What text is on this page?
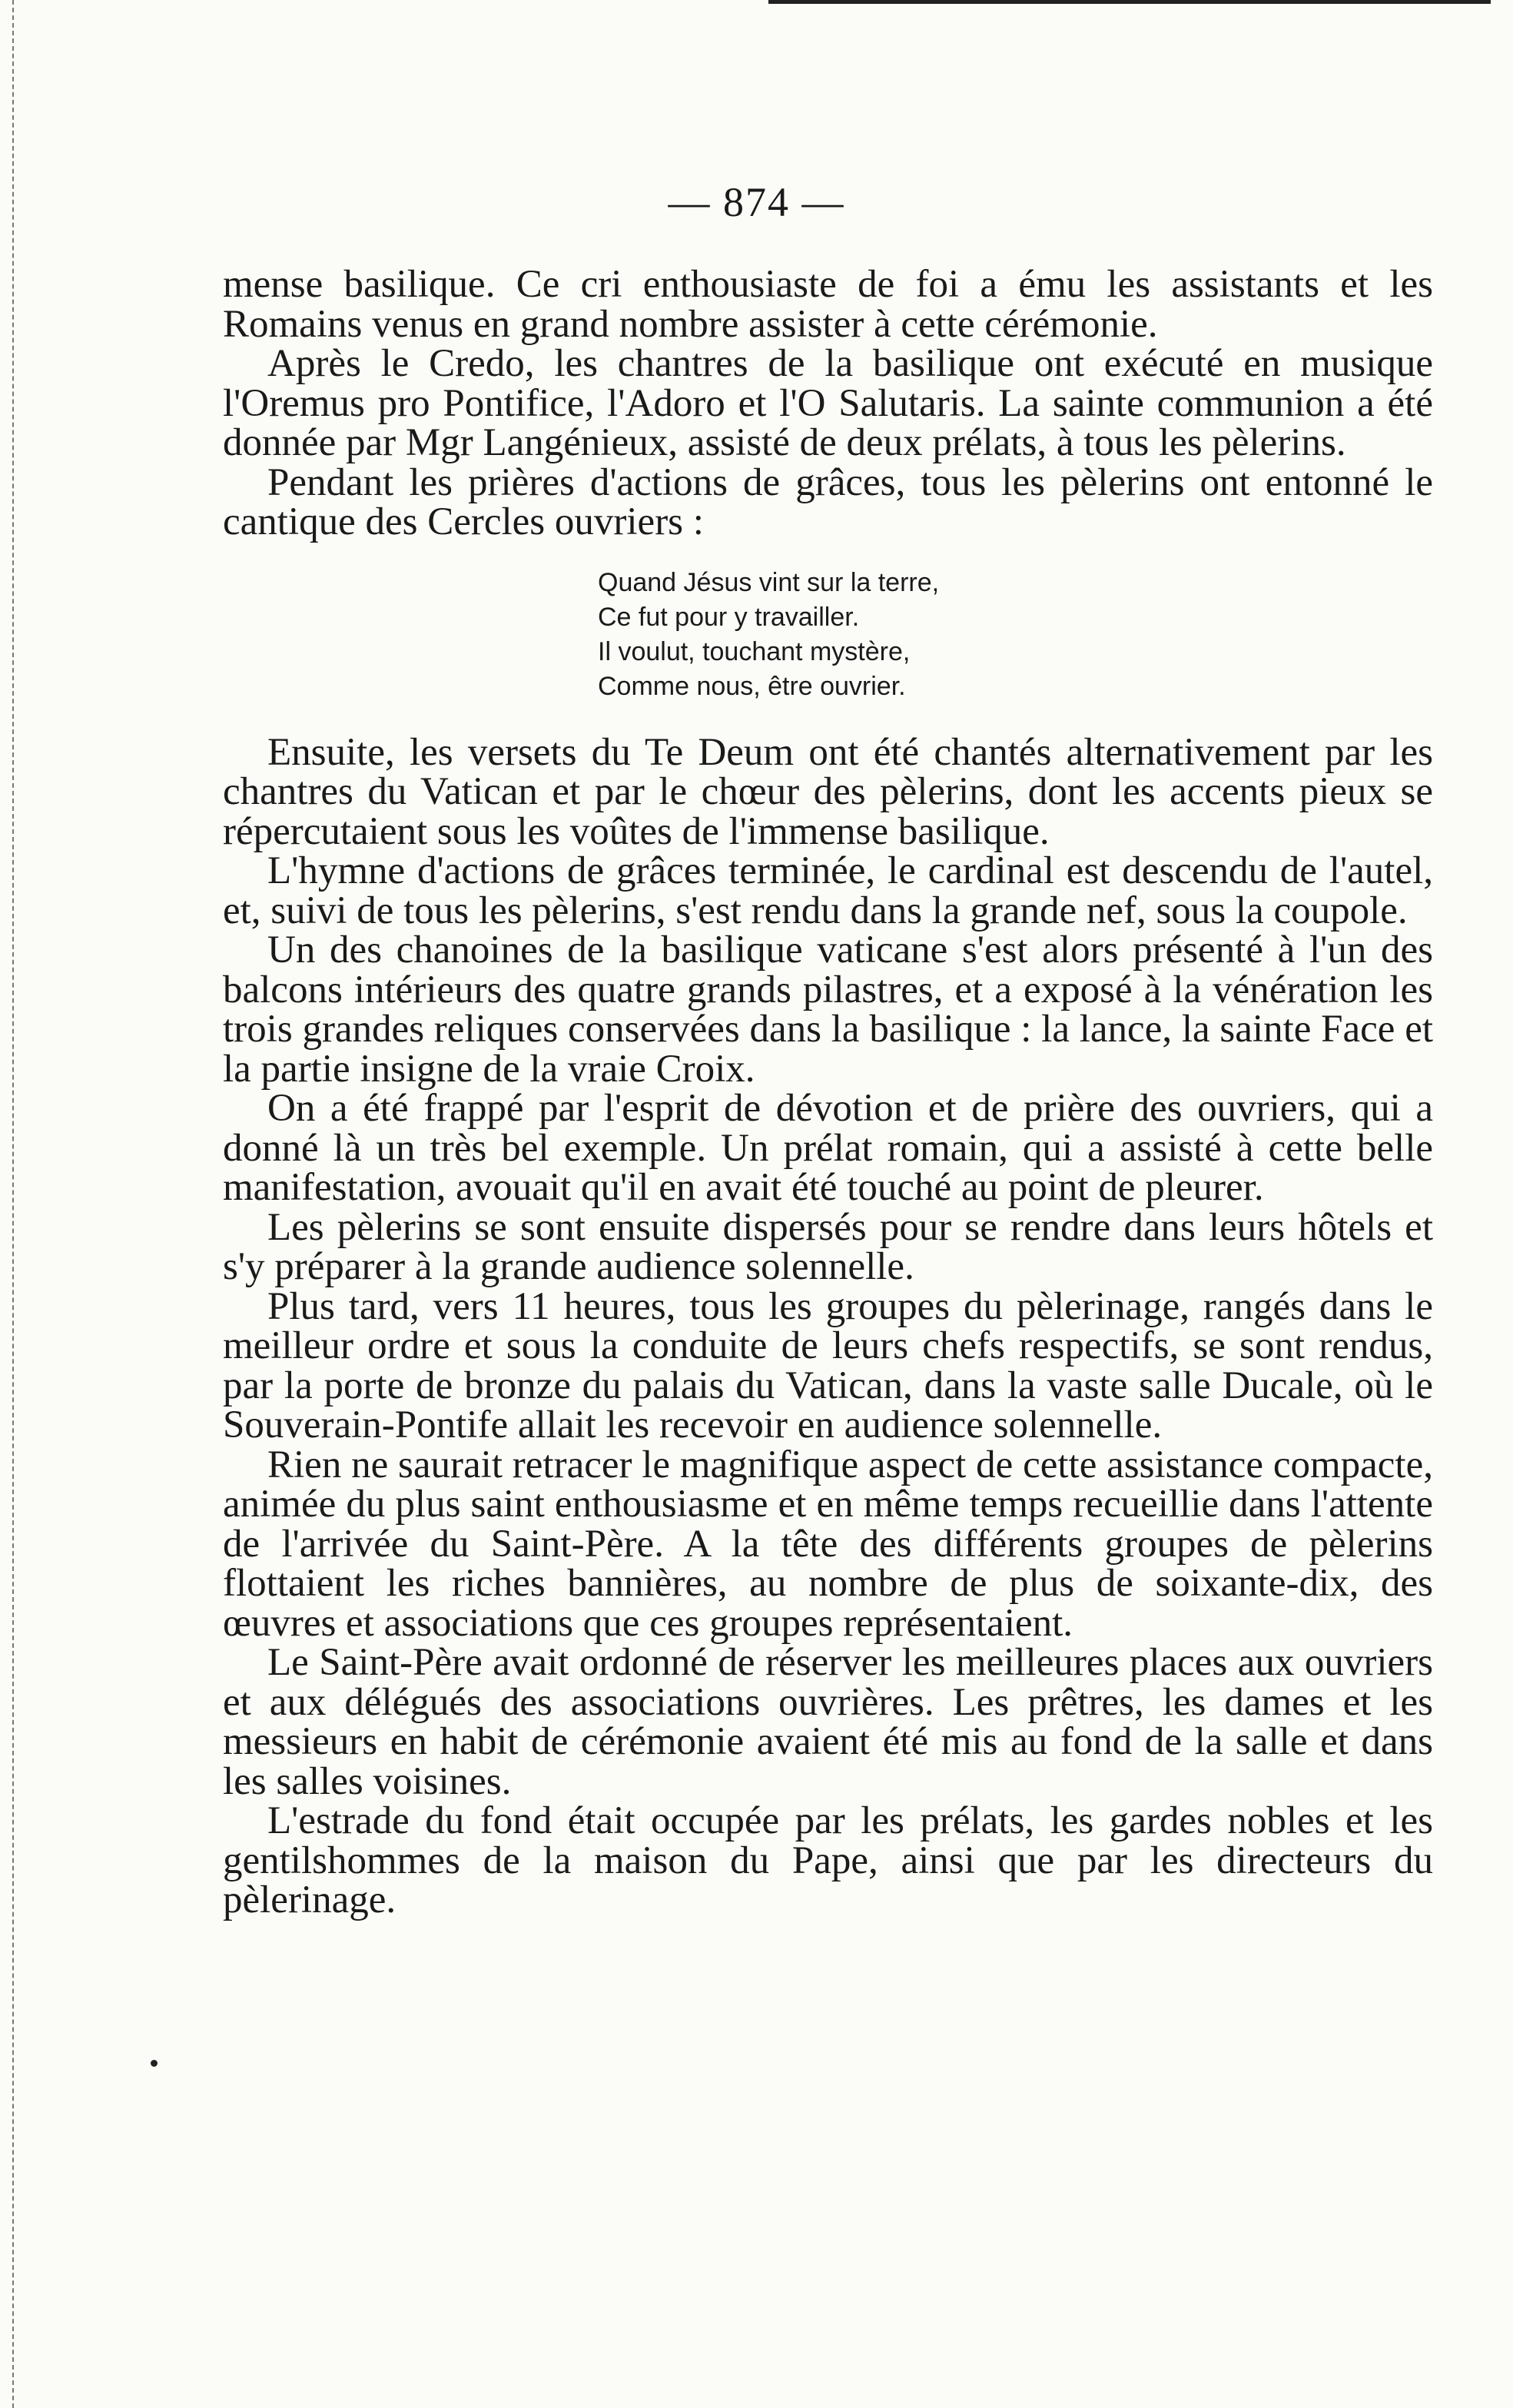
— 874 —

mense basilique. Ce cri enthousiaste de foi a ému les assistants et les Romains venus en grand nombre assister à cette cérémonie.

Après le Credo, les chantres de la basilique ont exécuté en musique l'Oremus pro Pontifice, l'Adoro et l'O Salutaris. La sainte communion a été donnée par Mgr Langénieux, assisté de deux prélats, à tous les pèlerins.

Pendant les prières d'actions de grâces, tous les pèlerins ont entonné le cantique des Cercles ouvriers :

Quand Jésus vint sur la terre,
Ce fut pour y travailler.
Il voulut, touchant mystère,
Comme nous, être ouvrier.

Ensuite, les versets du Te Deum ont été chantés alternativement par les chantres du Vatican et par le chœur des pèlerins, dont les accents pieux se répercutaient sous les voûtes de l'immense basilique.

L'hymne d'actions de grâces terminée, le cardinal est descendu de l'autel, et, suivi de tous les pèlerins, s'est rendu dans la grande nef, sous la coupole.

Un des chanoines de la basilique vaticane s'est alors présenté à l'un des balcons intérieurs des quatre grands pilastres, et a exposé à la vénération les trois grandes reliques conservées dans la basilique : la lance, la sainte Face et la partie insigne de la vraie Croix.

On a été frappé par l'esprit de dévotion et de prière des ouvriers, qui a donné là un très bel exemple. Un prélat romain, qui a assisté à cette belle manifestation, avouait qu'il en avait été touché au point de pleurer.

Les pèlerins se sont ensuite dispersés pour se rendre dans leurs hôtels et s'y préparer à la grande audience solennelle.

Plus tard, vers 11 heures, tous les groupes du pèlerinage, rangés dans le meilleur ordre et sous la conduite de leurs chefs respectifs, se sont rendus, par la porte de bronze du palais du Vatican, dans la vaste salle Ducale, où le Souverain-Pontife allait les recevoir en audience solennelle.

Rien ne saurait retracer le magnifique aspect de cette assistance compacte, animée du plus saint enthousiasme et en même temps recueillie dans l'attente de l'arrivée du Saint-Père. A la tête des différents groupes de pèlerins flottaient les riches bannières, au nombre de plus de soixante-dix, des œuvres et associations que ces groupes représentaient.

Le Saint-Père avait ordonné de réserver les meilleures places aux ouvriers et aux délégués des associations ouvrières. Les prêtres, les dames et les messieurs en habit de cérémonie avaient été mis au fond de la salle et dans les salles voisines.

L'estrade du fond était occupée par les prélats, les gardes nobles et les gentilshommes de la maison du Pape, ainsi que par les directeurs du pèlerinage.
